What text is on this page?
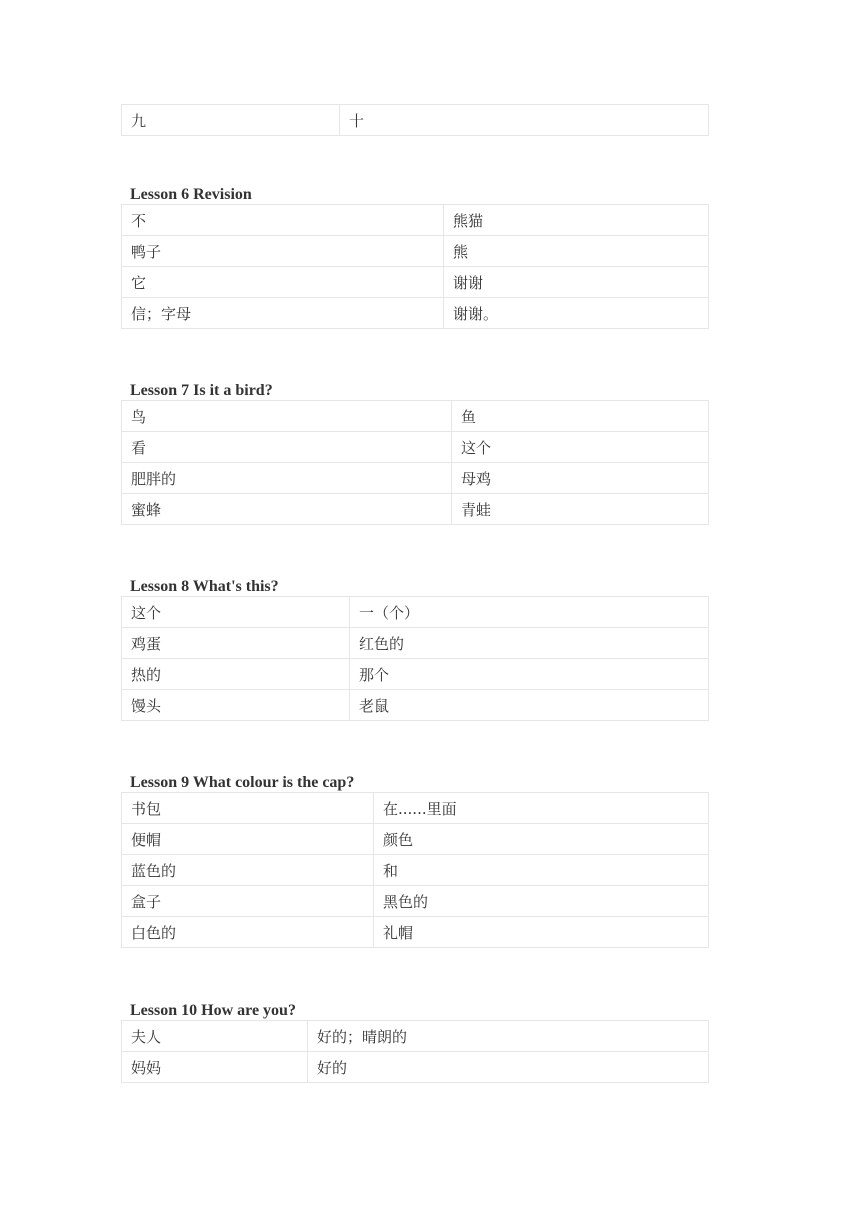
九	十
Lesson 6 Revision
不	熊猫
鸭子	熊
它	谢谢
信；字母	谢谢。
Lesson 7 Is it a bird?
鸟	鱼
看	这个
肥胖的	母鸡
蜜蜂	青蛙
Lesson 8 What's this?
这个	一（个）
鸡蛋	红色的
热的	那个
馒头	老鼠
Lesson 9 What colour is the cap?
书包	在......里面
便帽	颜色
蓝色的	和
盒子	黑色的
白色的	礼帽
Lesson 10 How are you?
夫人	好的；晴朗的
妈妈	好的
